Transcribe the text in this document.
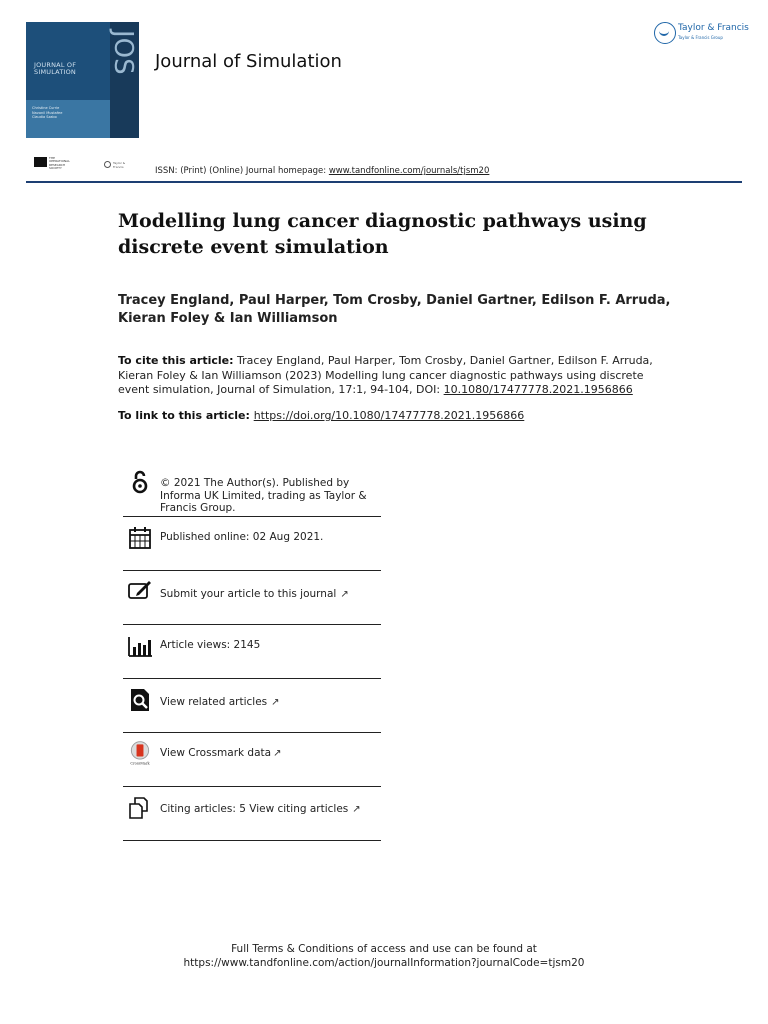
JOS
JOURNAL OF SIMULATION
Christine Currie
Navonil Mustafee
Claudia Szabo
Journal of Simulation
Taylor & Francis
Taylor & Francis Group
THE OPERATIONAL RESEARCH SOCIETY
Taylor & Francis	ISSN: (Print) (Online) Journal homepage: www.tandfonline.com/journals/tjsm20
Modelling lung cancer diagnostic pathways using discrete event simulation
Tracey England, Paul Harper, Tom Crosby, Daniel Gartner, Edilson F. Arruda, Kieran Foley & Ian Williamson
To cite this article: Tracey England, Paul Harper, Tom Crosby, Daniel Gartner, Edilson F. Arruda, Kieran Foley & Ian Williamson (2023) Modelling lung cancer diagnostic pathways using discrete event simulation, Journal of Simulation, 17:1, 94-104, DOI: 10.1080/17477778.2021.1956866
To link to this article: https://doi.org/10.1080/17477778.2021.1956866
© 2021 The Author(s). Published by Informa UK Limited, trading as Taylor & Francis Group.
Published online: 02 Aug 2021.
Submit your article to this journal ↗
Article views: 2145
View related articles ↗
CrossMark
View Crossmark data ↗
Citing articles: 5 View citing articles ↗
Full Terms & Conditions of access and use can be found at
https://www.tandfonline.com/action/journalInformation?journalCode=tjsm20
